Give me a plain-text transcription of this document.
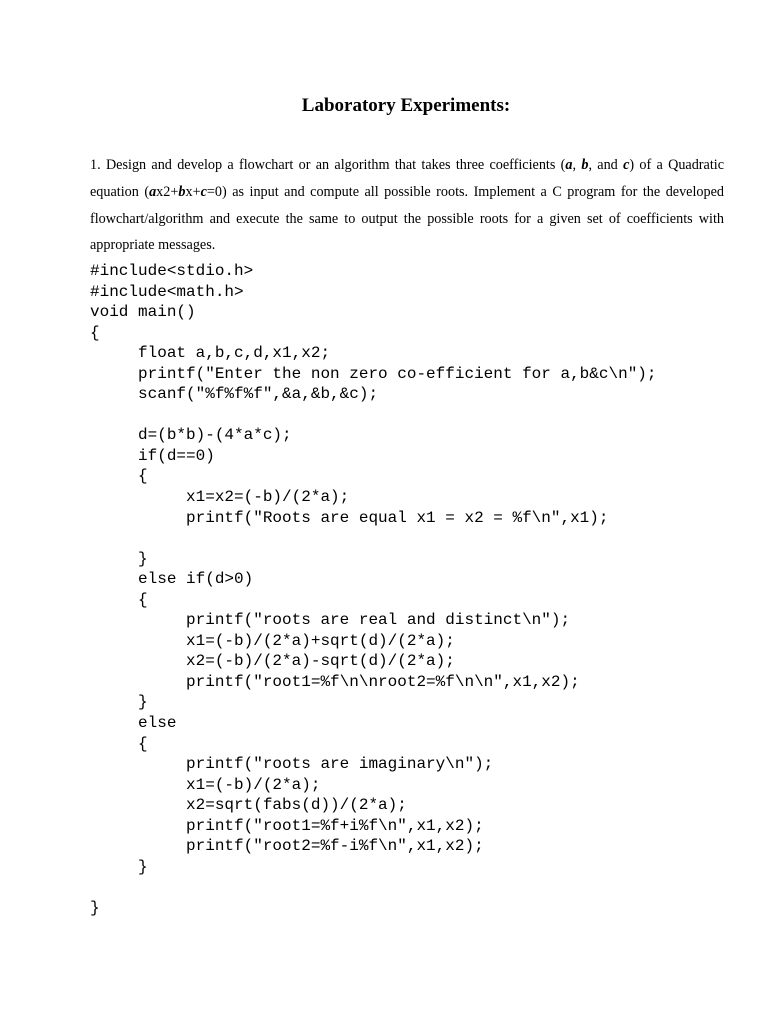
Laboratory Experiments:
1. Design and develop a flowchart or an algorithm that takes three coefficients (a, b, and c) of a Quadratic equation (ax2+bx+c=0) as input and compute all possible roots. Implement a C program for the developed flowchart/algorithm and execute the same to output the possible roots for a given set of coefficients with appropriate messages.
#include<stdio.h>
#include<math.h>
void main()
{
float a,b,c,d,x1,x2;
printf("Enter the non zero co-efficient for a,b&c\n");
scanf("%f%f%f",&a,&b,&c);
d=(b*b)-(4*a*c);
if(d==0)
{
x1=x2=(-b)/(2*a);
printf("Roots are equal x1 = x2 = %f\n",x1);
}
else if(d>0)
{
printf("roots are real and distinct\n");
x1=(-b)/(2*a)+sqrt(d)/(2*a);
x2=(-b)/(2*a)-sqrt(d)/(2*a);
printf("root1=%f\n\nroot2=%f\n\n",x1,x2);
}
else
{
printf("roots are imaginary\n");
x1=(-b)/(2*a);
x2=sqrt(fabs(d))/(2*a);
printf("root1=%f+i%f\n",x1,x2);
printf("root2=%f-i%f\n",x1,x2);
}
}
